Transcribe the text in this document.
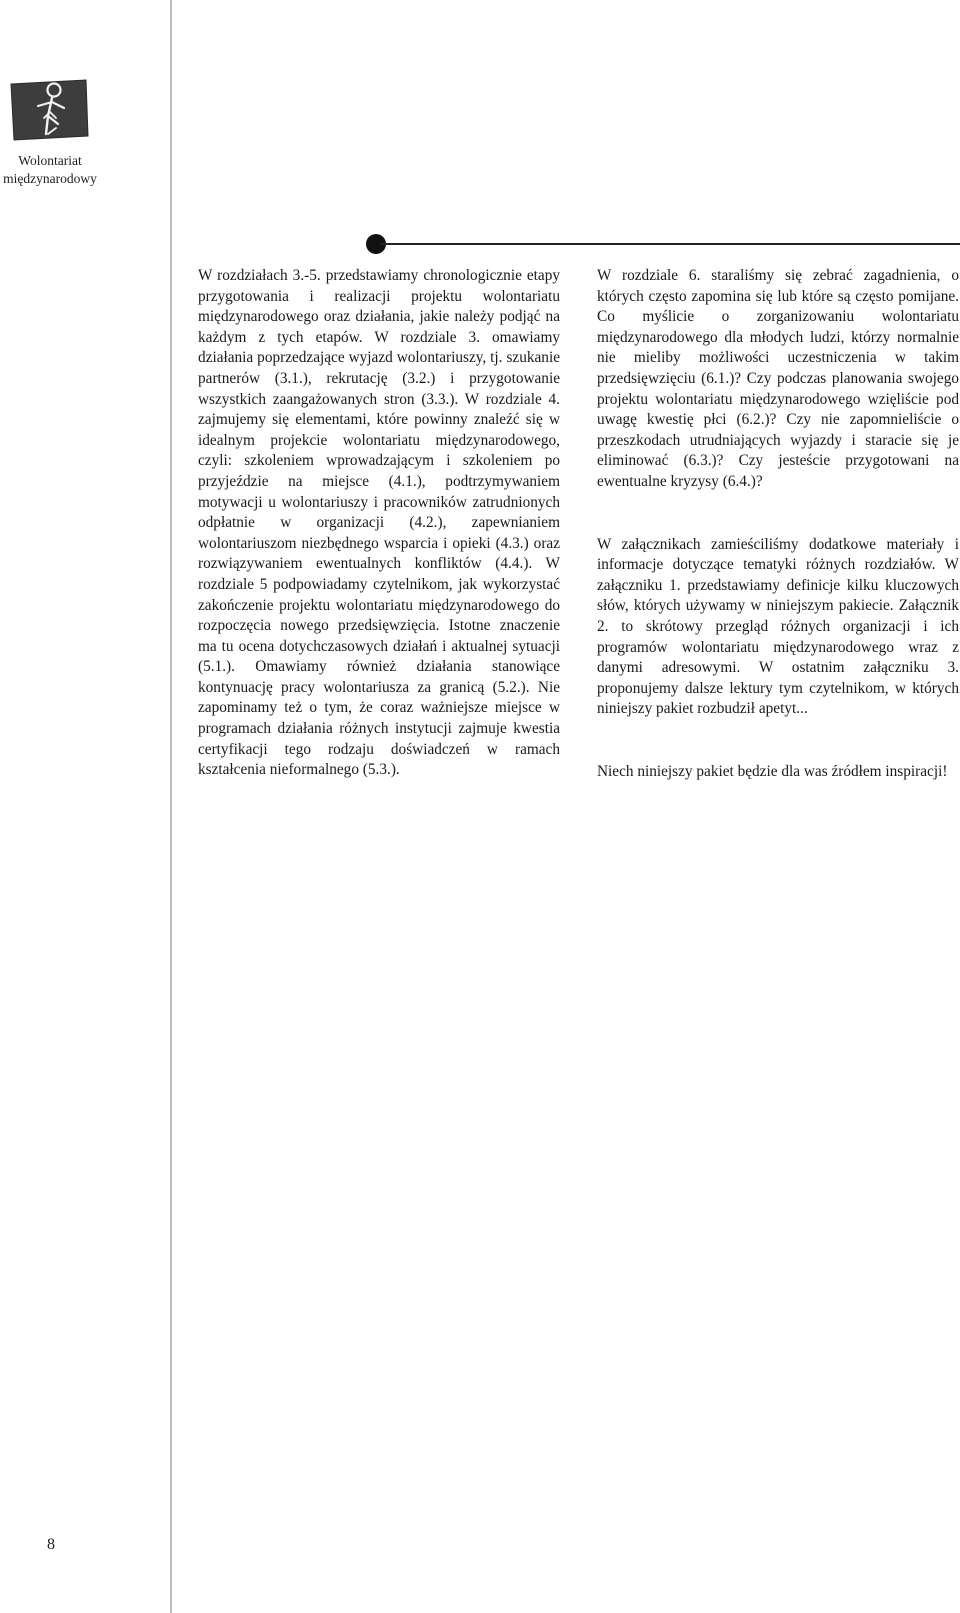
Wolontariat
międzynarodowy

W rozdziałach 3.-5. przedstawiamy chronologicznie etapy przygotowania i realizacji projektu wolontariatu międzynarodowego oraz działania, jakie należy podjąć na każdym z tych etapów. W rozdziale 3. omawiamy działania poprzedzające wyjazd wolontariuszy, tj. szukanie partnerów (3.1.), rekrutację (3.2.) i przygotowanie wszystkich zaangażowanych stron (3.3.). W rozdziale 4. zajmujemy się elementami, które powinny znaleźć się w idealnym projekcie wolontariatu międzynarodowego, czyli: szkoleniem wprowadzającym i szkoleniem po przyjeździe na miejsce (4.1.), podtrzymywaniem motywacji u wolontariuszy i pracowników zatrudnionych odpłatnie w organizacji (4.2.), zapewnianiem wolontariuszom niezbędnego wsparcia i opieki (4.3.) oraz rozwiązywaniem ewentualnych konfliktów (4.4.). W rozdziale 5 podpowiadamy czytelnikom, jak wykorzystać zakończenie projektu wolontariatu międzynarodowego do rozpoczęcia nowego przedsięwzięcia. Istotne znaczenie ma tu ocena dotychczasowych działań i aktualnej sytuacji (5.1.). Omawiamy również działania stanowiące kontynuację pracy wolontariusza za granicą (5.2.). Nie zapominamy też o tym, że coraz ważniejsze miejsce w programach działania różnych instytucji zajmuje kwestia certyfikacji tego rodzaju doświadczeń w ramach kształcenia nieformalnego (5.3.).

W rozdziale 6. staraliśmy się zebrać zagadnienia, o których często zapomina się lub które są często pomijane. Co myślicie o zorganizowaniu wolontariatu międzynarodowego dla młodych ludzi, którzy normalnie nie mieliby możliwości uczestniczenia w takim przedsięwzięciu (6.1.)? Czy podczas planowania swojego projektu wolontariatu międzynarodowego wzięliście pod uwagę kwestię płci (6.2.)? Czy nie zapomnieliście o przeszkodach utrudniających wyjazdy i staracie się je eliminować (6.3.)? Czy jesteście przygotowani na ewentualne kryzysy (6.4.)?

W załącznikach zamieściliśmy dodatkowe materiały i informacje dotyczące tematyki różnych rozdziałów. W załączniku 1. przedstawiamy definicje kilku kluczowych słów, których używamy w niniejszym pakiecie. Załącznik 2. to skrótowy przegląd różnych organizacji i ich programów wolontariatu międzynarodowego wraz z danymi adresowymi. W ostatnim załączniku 3. proponujemy dalsze lektury tym czytelnikom, w których niniejszy pakiet rozbudził apetyt...

Niech niniejszy pakiet będzie dla was źródłem inspiracji!

8
